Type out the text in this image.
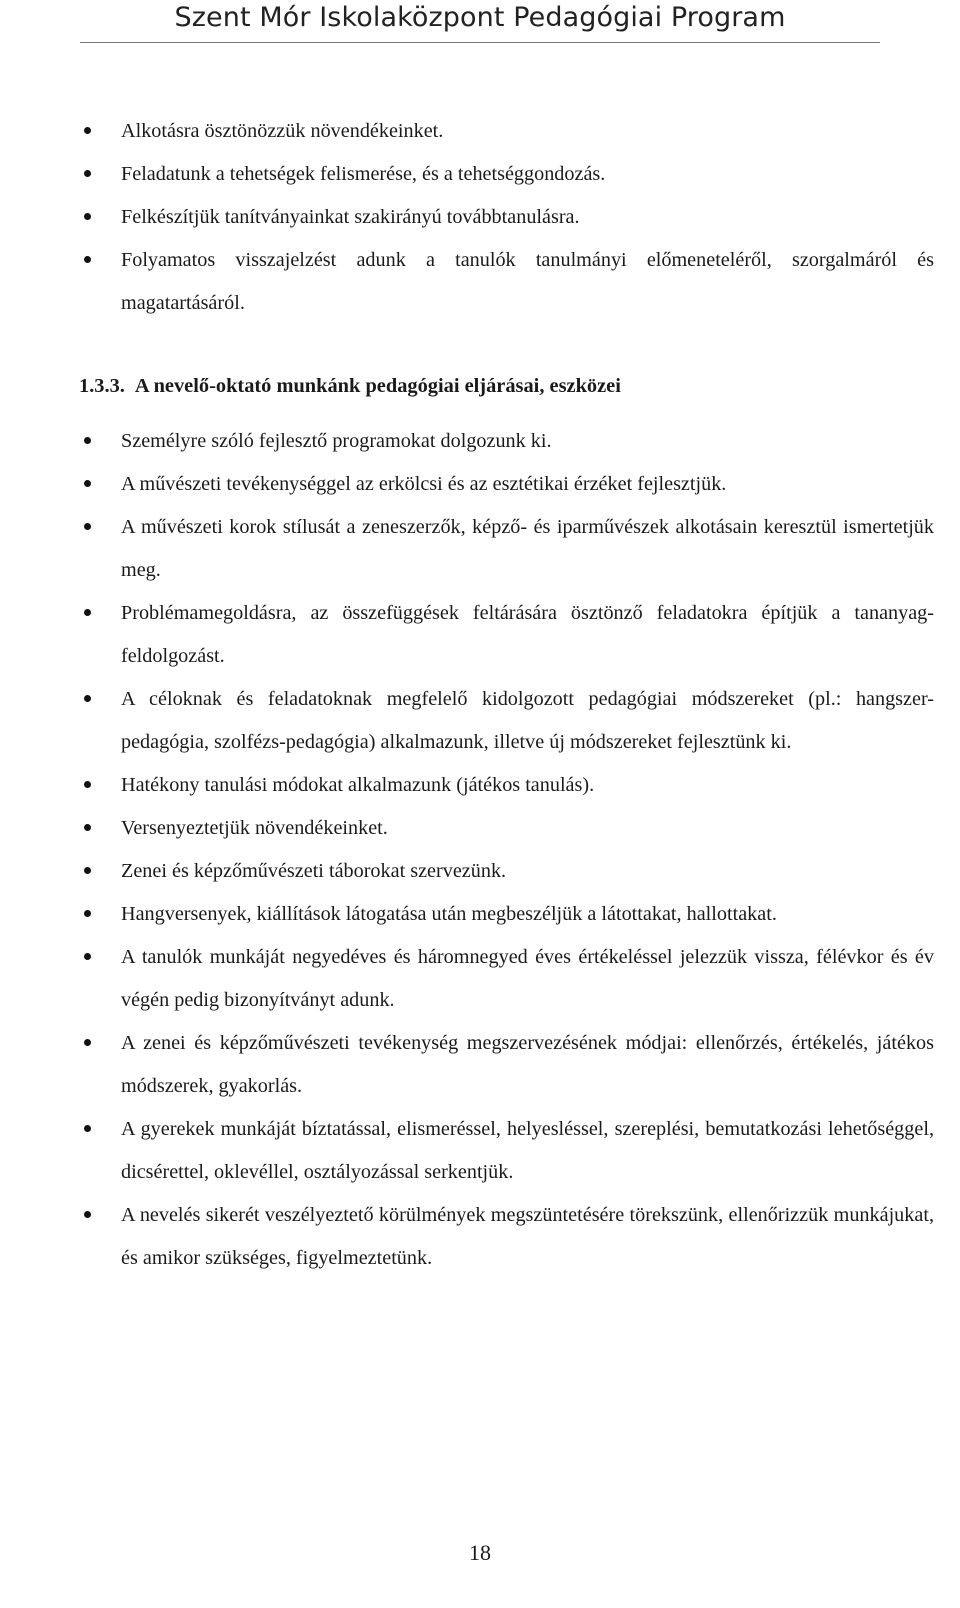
Szent Mór Iskolaközpont Pedagógiai Program
Alkotásra ösztönözzük növendékeinket.
Feladatunk a tehetségek felismerése, és a tehetséggondozás.
Felkészítjük tanítványainkat szakirányú továbbtanulásra.
Folyamatos visszajelzést adunk a tanulók tanulmányi előmeneteléről, szorgalmáról és magatartásáról.
1.3.3. A nevelő-oktató munkánk pedagógiai eljárásai, eszközei
Személyre szóló fejlesztő programokat dolgozunk ki.
A művészeti tevékenységgel az erkölcsi és az esztétikai érzéket fejlesztjük.
A művészeti korok stílusát a zeneszerzők, képző- és iparművészek alkotásain keresztül ismertetjük meg.
Problémamegoldásra, az összefüggések feltárására ösztönző feladatokra építjük a tananyag-feldolgozást.
A céloknak és feladatoknak megfelelő kidolgozott pedagógiai módszereket (pl.: hangszer-pedagógia, szolfézs-pedagógia) alkalmazunk, illetve új módszereket fejlesztünk ki.
Hatékony tanulási módokat alkalmazunk (játékos tanulás).
Versenyeztetjük növendékeinket.
Zenei és képzőművészeti táborokat szervezünk.
Hangversenyek, kiállítások látogatása után megbeszéljük a látottakat, hallottakat.
A tanulók munkáját negyedéves és háromnegyed éves értékeléssel jelezzük vissza, félévkor és év végén pedig bizonyítványt adunk.
A zenei és képzőművészeti tevékenység megszervezésének módjai: ellenőrzés, értékelés, játékos módszerek, gyakorlás.
A gyerekek munkáját bíztatással, elismeréssel, helyesléssel, szereplési, bemutatkozási lehetőséggel, dicsérettel, oklevéllel, osztályozással serkentjük.
A nevelés sikerét veszélyeztető körülmények megszüntetésére törekszünk, ellenőrizzük munkájukat, és amikor szükséges, figyelmeztetünk.
18
